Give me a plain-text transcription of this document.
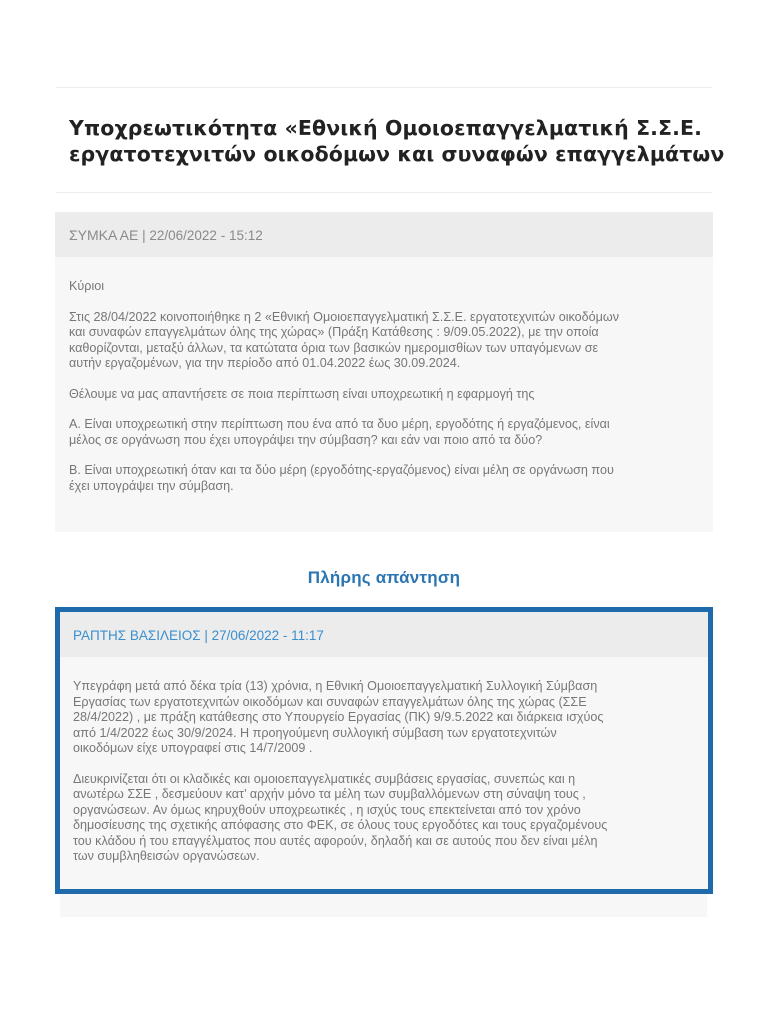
Υποχρεωτικότητα «Εθνική Ομοιοεπαγγελματική Σ.Σ.Ε.
εργατοτεχνιτών οικοδόμων και συναφών επαγγελμάτων
ΣΥΜΚΑ ΑΕ | 22/06/2022 - 15:12

Κύριοι

Στις 28/04/2022 κοινοποιήθηκε η 2 «Εθνική Ομοιοεπαγγελματική Σ.Σ.Ε. εργατοτεχνιτών οικοδόμων
και συναφών επαγγελμάτων όλης της χώρας» (Πράξη Κατάθεσης : 9/09.05.2022), με την οποία
καθορίζονται, μεταξύ άλλων, τα κατώτατα όρια των βασικών ημερομισθίων των υπαγόμενων σε
αυτήν εργαζομένων, για την περίοδο από 01.04.2022 έως 30.09.2024.

Θέλουμε να μας απαντήσετε σε ποια περίπτωση είναι υποχρεωτική η εφαρμογή της

Α. Είναι υποχρεωτική στην περίπτωση που ένα από τα δυο μέρη, εργοδότης ή εργαζόμενος, είναι
μέλος σε οργάνωση που έχει υπογράψει την σύμβαση? και εάν ναι ποιο από τα δύο?

Β. Είναι υποχρεωτική όταν και τα δύο μέρη (εργοδότης-εργαζόμενος) είναι μέλη σε οργάνωση που
έχει υπογράψει την σύμβαση.

Πλήρης απάντηση
ΡΑΠΤΗΣ ΒΑΣΙΛΕΙΟΣ | 27/06/2022 - 11:17

Υπεγράφη μετά από δέκα τρία (13) χρόνια, η Εθνική Ομοιοεπαγγελματική Συλλογική Σύμβαση
Εργασίας των εργατοτεχνιτών οικοδόμων και συναφών επαγγελμάτων όλης της χώρας (ΣΣΕ
28/4/2022) , με πράξη κατάθεσης στο Υπουργείο Εργασίας (ΠΚ) 9/9.5.2022 και διάρκεια ισχύος
από 1/4/2022 έως 30/9/2024. Η προηγούμενη συλλογική σύμβαση των εργατοτεχνιτών
οικοδόμων είχε υπογραφεί στις 14/7/2009 .

Διευκρινίζεται ότι οι κλαδικές και ομοιοεπαγγελματικές συμβάσεις εργασίας, συνεπώς και η
ανωτέρω ΣΣΕ , δεσμεύουν κατ’ αρχήν μόνο τα μέλη των συμβαλλόμενων στη σύναψη τους ,
οργανώσεων. Αν όμως κηρυχθούν υποχρεωτικές , η ισχύς τους επεκτείνεται από τον χρόνο
δημοσίευσης της σχετικής απόφασης στο ΦΕΚ, σε όλους τους εργοδότες και τους εργαζομένους
του κλάδου ή του επαγγέλματος που αυτές αφορούν, δηλαδή και σε αυτούς που δεν είναι μέλη
των συμβληθεισών οργανώσεων.
